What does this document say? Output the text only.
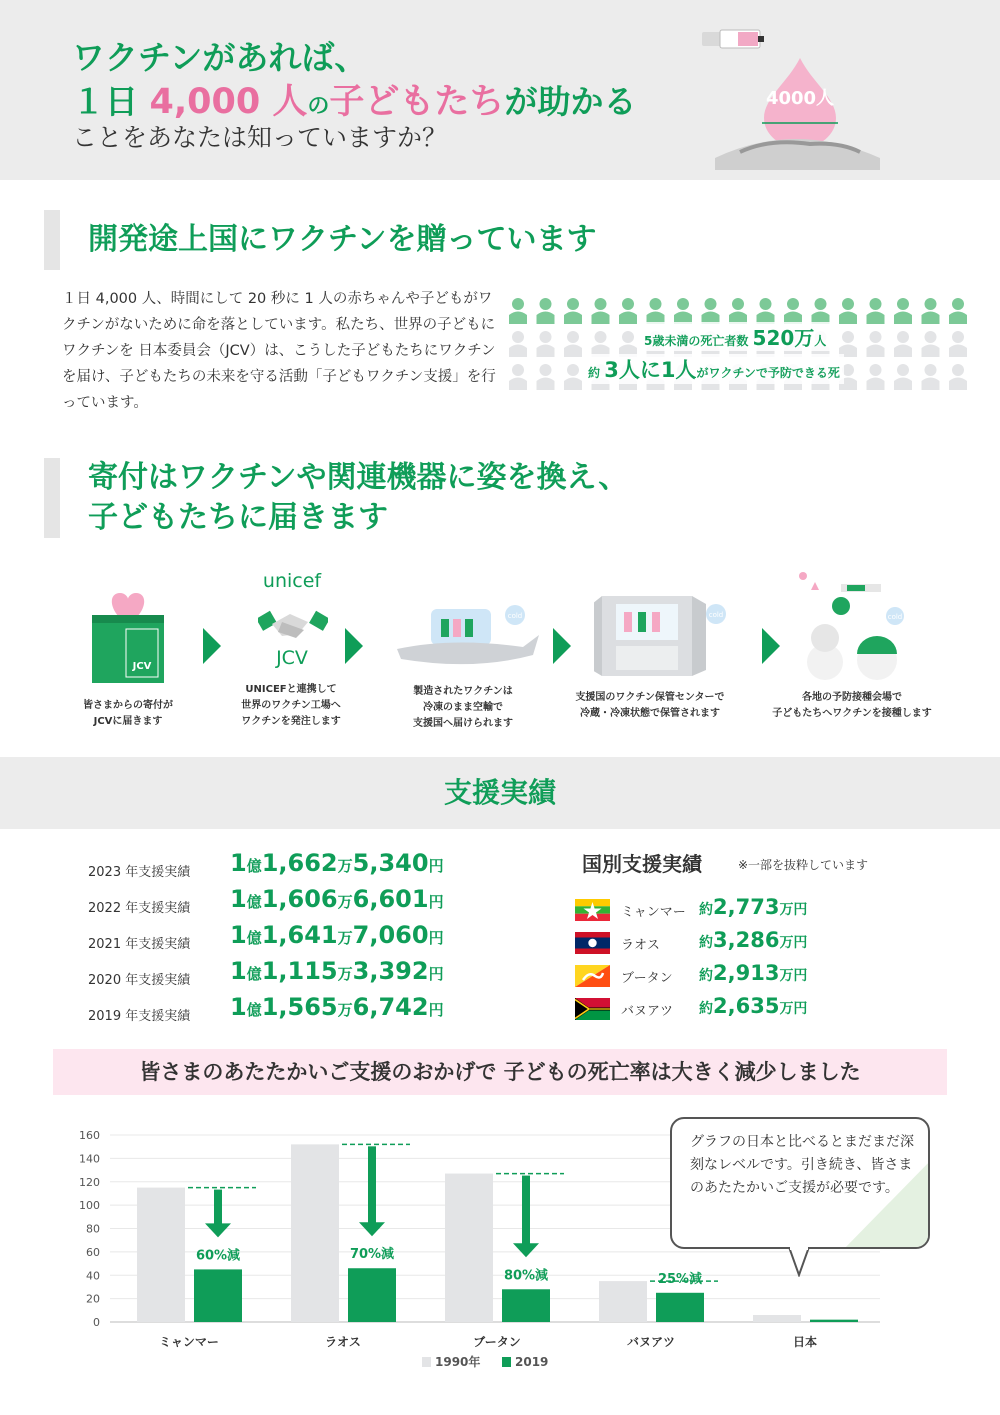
ワクチンがあれば、
１日 4,000 人の子どもたちが助かる
ことをあなたは知っていますか？
4000人
開発途上国にワクチンを贈っています
１日 4,000 人、時間にして 20 秒に 1 人の赤ちゃんや子どもがワクチンがないために命を落としています。私たち、世界の子どもにワクチンを 日本委員会（JCV）は、こうした子どもたちにワクチンを届け、子どもたちの未来を守る活動「子どもワクチン支援」を行っています。
5歳未満の死亡者数 520万人
約 3人に1人がワクチンで予防できる死
寄付はワクチンや関連機器に姿を換え、
子どもたちに届きます
JCV
皆さまからの寄付が
JCVに届きます
unicef
JCV
UNICEFと連携して
世界のワクチン工場へ
ワクチンを発注します
cold
製造されたワクチンは
冷凍のまま空輸で
支援国へ届けられます
cold
支援国のワクチン保管センターで
冷蔵・冷凍状態で保管されます
cold
各地の予防接種会場で
子どもたちへワクチンを接種します
支援実績
2023 年支援実績 1億1,662万5,340円
2022 年支援実績 1億1,606万6,601円
2021 年支援実績 1億1,641万7,060円
2020 年支援実績 1億1,115万3,392円
2019 年支援実績 1億1,565万6,742円
国別支援実績	※一部を抜粋しています
ミャンマー 約2,773万円
ラオス	約3,286万円
ブータン 約2,913万円
バヌアツ 約2,635万円
皆さまのあたたかいご支援のおかげで 子どもの死亡率は大きく減少しました
0
20
40
60
80
100
120
140
160
ミャンマー
60%減
ラオス
70%減
ブータン
80%減
バヌアツ
25%減
日本
1990年	2019
グラフの日本と比べるとまだまだ深刻なレベルです。引き続き、皆さまのあたたかいご支援が必要です。
